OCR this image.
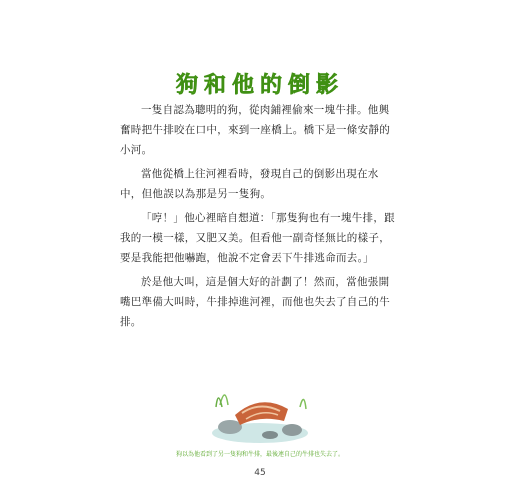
狗和他的倒影

一隻自認為聰明的狗，從肉鋪裡偷來一塊牛排。他興奮時把牛排咬在口中，來到一座橋上。橋下是一條安靜的小河。

當他從橋上往河裡看時，發現自己的倒影出現在水中，但他誤以為那是另一隻狗。

「哼！」他心裡暗自想道：「那隻狗也有一塊牛排，跟我的一模一樣，又肥又美。但看他一副奇怪無比的樣子，要是我能把他嚇跑，他說不定會丟下牛排逃命而去。」

於是他大叫，這是個大好的計劃了！然而，當他張開嘴巴準備大叫時，牛排掉進河裡，而他也失去了自己的牛排。

狗以為他看到了另一隻狗和牛排，最後連自己的牛排也失去了。
45
